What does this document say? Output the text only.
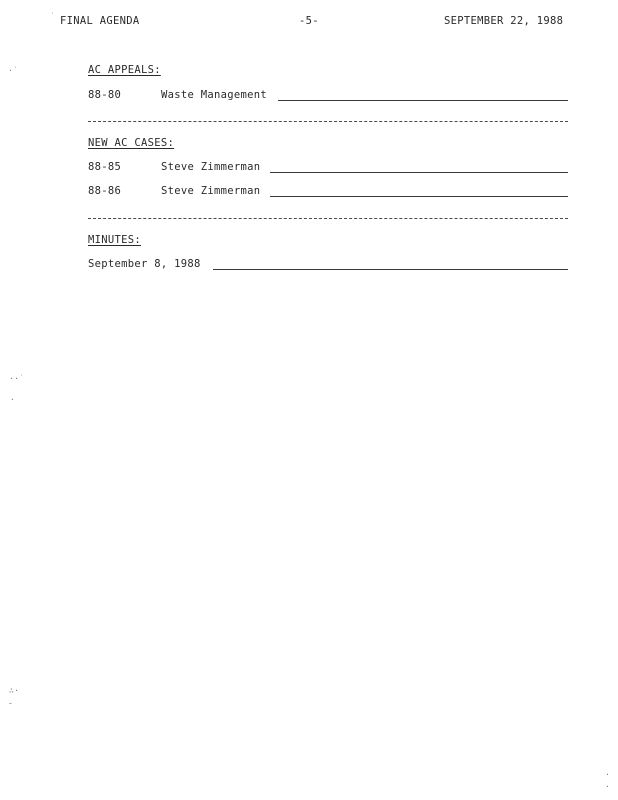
FINAL AGENDA	-5-	SEPTEMBER 22, 1988
AC APPEALS:
88-80	Waste Management
NEW AC CASES:
88-85	Steve Zimmerman
88-86	Steve Zimmerman
MINUTES:
September 8, 1988
˙
·˙
··˙
·
∴·
˘
·
·
